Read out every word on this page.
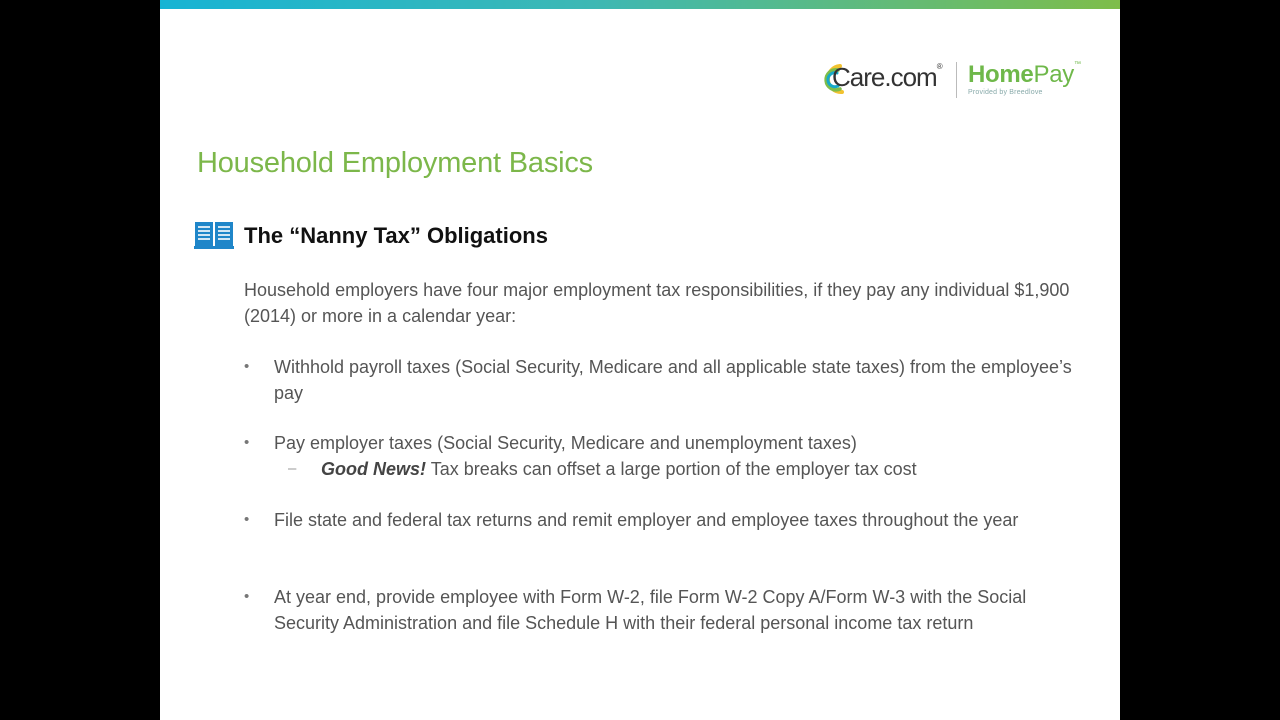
Care.com® HomePay™
Provided by Breedlove
Household Employment Basics
The “Nanny Tax” Obligations
Household employers have four major employment tax responsibilities, if they pay any individual $1,900 (2014) or more in a calendar year:
•	Withhold payroll taxes (Social Security, Medicare and all applicable state taxes) from the employee’s pay
•	Pay employer taxes (Social Security, Medicare and unemployment taxes)
– Good News! Tax breaks can offset a large portion of the employer tax cost
•	File state and federal tax returns and remit employer and employee taxes throughout the year
•	At year end, provide employee with Form W-2, file Form W-2 Copy A/Form W-3 with the Social Security Administration and file Schedule H with their federal personal income tax return
